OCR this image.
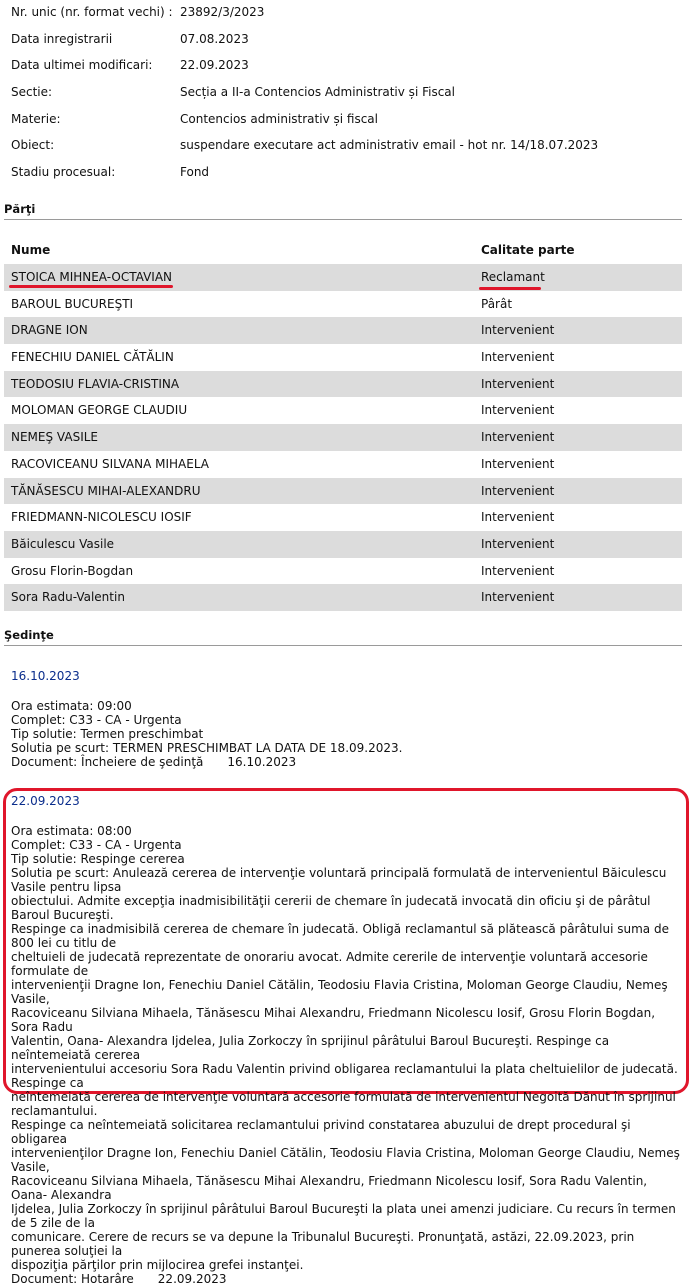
Nr. unic (nr. format vechi) : 23892/3/2023
Data inregistrarii	07.08.2023
Data ultimei modificari: 22.09.2023
Sectie:	Secția a II-a Contencios Administrativ și Fiscal
Materie:	Contencios administrativ și fiscal
Obiect:	suspendare executare act administrativ email - hot nr. 14/18.07.2023
Stadiu procesual:	Fond
Părţi
Nume	Calitate parte
STOICA MIHNEA-OCTAVIAN	Reclamant
BAROUL BUCUREŞTI	Pârât
DRAGNE ION	Intervenient
FENECHIU DANIEL CĂTĂLIN	Intervenient
TEODOSIU FLAVIA-CRISTINA	Intervenient
MOLOMAN GEORGE CLAUDIU	Intervenient
NEMEŞ VASILE	Intervenient
RACOVICEANU SILVANA MIHAELA	Intervenient
TĂNĂSESCU MIHAI-ALEXANDRU	Intervenient
FRIEDMANN-NICOLESCU IOSIF	Intervenient
Băiculescu Vasile	Intervenient
Grosu Florin-Bogdan	Intervenient
Sora Radu-Valentin	Intervenient
Şedinţe
16.10.2023
Ora estimata: 09:00
Complet: C33 - CA - Urgenta
Tip solutie: Termen preschimbat
Solutia pe scurt: TERMEN PRESCHIMBAT LA DATA DE 18.09.2023.
Document: Încheiere de şedinţă 16.10.2023
22.09.2023
Ora estimata: 08:00
Complet: C33 - CA - Urgenta
Tip solutie: Respinge cererea
Solutia pe scurt: Anulează cererea de intervenţie voluntară principală formulată de intervenientul Băiculescu Vasile pentru lipsa
obiectului. Admite excepţia inadmisibilităţii cererii de chemare în judecată invocată din oficiu şi de pârâtul Baroul Bucureşti.
Respinge ca inadmisibilă cererea de chemare în judecată. Obligă reclamantul să plătească pârâtului suma de 800 lei cu titlu de
cheltuieli de judecată reprezentate de onorariu avocat. Admite cererile de intervenţie voluntară accesorie formulate de
intervenienţii Dragne Ion, Fenechiu Daniel Cătălin, Teodosiu Flavia Cristina, Moloman George Claudiu, Nemeş Vasile,
Racoviceanu Silviana Mihaela, Tănăsescu Mihai Alexandru, Friedmann Nicolescu Iosif, Grosu Florin Bogdan, Sora Radu
Valentin, Oana- Alexandra Ijdelea, Julia Zorkoczy în sprijinul pârâtului Baroul Bucureşti. Respinge ca neîntemeiată cererea
intervenientului accesoriu Sora Radu Valentin privind obligarea reclamantului la plata cheltuielilor de judecată. Respinge ca
neîntemeiată cererea de intervenţie voluntară accesorie formulată de intervenientul Negoită Dănut în sprijinul reclamantului.
Respinge ca neîntemeiată solicitarea reclamantului privind constatarea abuzului de drept procedural şi obligarea
intervenienţilor Dragne Ion, Fenechiu Daniel Cătălin, Teodosiu Flavia Cristina, Moloman George Claudiu, Nemeş Vasile,
Racoviceanu Silviana Mihaela, Tănăsescu Mihai Alexandru, Friedmann Nicolescu Iosif, Sora Radu Valentin, Oana- Alexandra
Ijdelea, Julia Zorkoczy în sprijinul pârâtului Baroul Bucureşti la plata unei amenzi judiciare. Cu recurs în termen de 5 zile de la
comunicare. Cerere de recurs se va depune la Tribunalul Bucureşti. Pronunţată, astăzi, 22.09.2023, prin punerea soluţiei la
dispoziţia părţilor prin mijlocirea grefei instanţei.
Document: Hotarâre 22.09.2023
